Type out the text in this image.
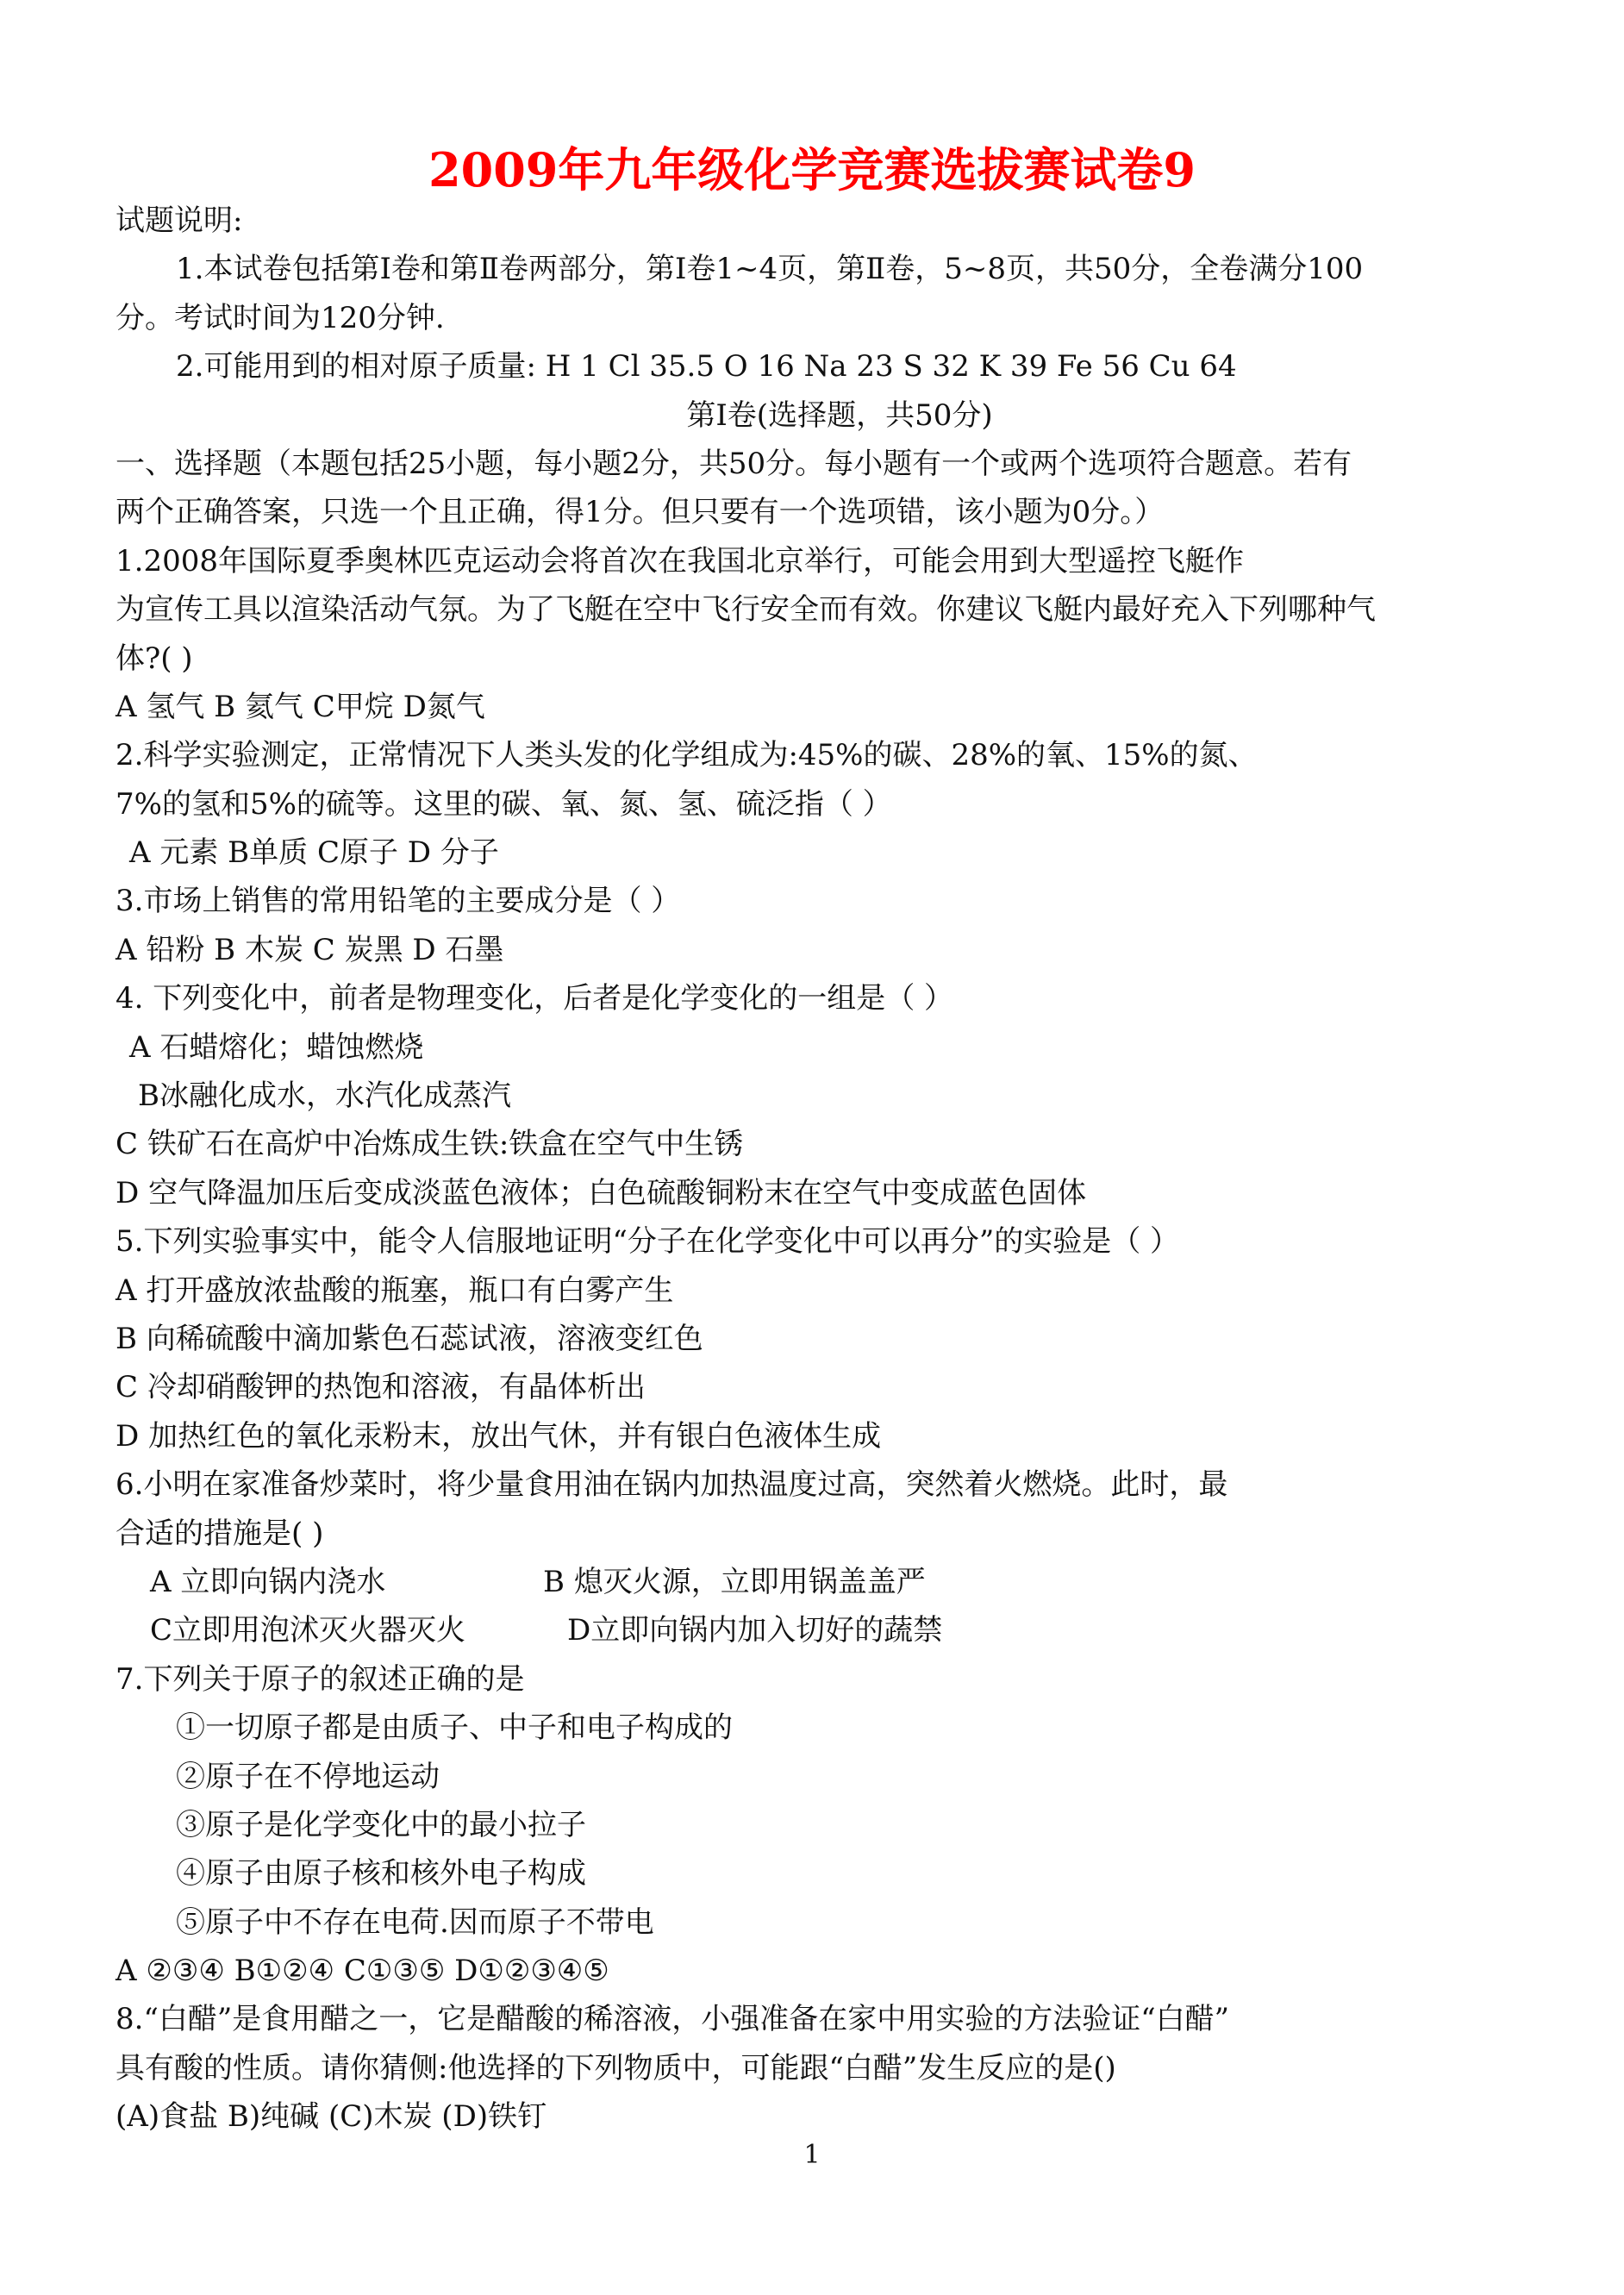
2009年九年级化学竞赛选拔赛试卷9
试题说明:
1.本试卷包括第Ⅰ卷和第Ⅱ卷两部分，第Ⅰ卷1~4页，第Ⅱ卷，5~8页，共50分，全卷满分100
分。考试时间为120分钟.
2.可能用到的相对原子质量: H 1 Cl 35.5 O 16 Na 23 S 32 K 39 Fe 56 Cu 64
第Ⅰ卷(选择题，共50分)
一、选择题（本题包括25小题，每小题2分，共50分。每小题有一个或两个选项符合题意。若有
两个正确答案，只选一个且正确，得1分。但只要有一个选项错，该小题为0分。）
1.2008年国际夏季奥林匹克运动会将首次在我国北京举行，可能会用到大型遥控飞艇作
为宣传工具以渲染活动气氛。为了飞艇在空中飞行安全而有效。你建议飞艇内最好充入下列哪种气
体?( )
A 氢气 B 氦气 C甲烷 D氮气
2.科学实验测定，正常情况下人类头发的化学组成为:45%的碳、28%的氧、15%的氮、
7%的氢和5%的硫等。这里的碳、氧、氮、氢、硫泛指（ ）
A 元素 B单质 C原子 D 分子
3.市场上销售的常用铅笔的主要成分是（ ）
A 铅粉 B 木炭 C 炭黑 D 石墨
4. 下列变化中，前者是物理变化，后者是化学变化的一组是（ ）
A 石蜡熔化；蜡蚀燃烧
B冰融化成水，水汽化成蒸汽
C 铁矿石在高炉中冶炼成生铁:铁盒在空气中生锈
D 空气降温加压后变成淡蓝色液体；白色硫酸铜粉末在空气中变成蓝色固体
5.下列实验事实中，能令人信服地证明“分子在化学变化中可以再分”的实验是（ ）
A 打开盛放浓盐酸的瓶塞，瓶口有白雾产生
B 向稀硫酸中滴加紫色石蕊试液，溶液变红色
C 冷却硝酸钾的热饱和溶液，有晶体析出
D 加热红色的氧化汞粉末，放出气休，并有银白色液体生成
6.小明在家准备炒菜时，将少量食用油在锅内加热温度过高，突然着火燃烧。此时，最
合适的措施是( )
A 立即向锅内浇水	B 熄灭火源，立即用锅盖盖严
C立即用泡沭灭火器灭火	D立即向锅内加入切好的蔬禁
7.下列关于原子的叙述正确的是
①一切原子都是由质子、中子和电子构成的
②原子在不停地运动
③原子是化学变化中的最小拉子
④原子由原子核和核外电子构成
⑤原子中不存在电荷.因而原子不带电
A ②③④ B①②④ C①③⑤ D①②③④⑤
8.“白醋”是食用醋之一，它是醋酸的稀溶液，小强准备在家中用实验的方法验证“白醋”
具有酸的性质。请你猜侧:他选择的下列物质中，可能跟“白醋”发生反应的是()
(A)食盐 B)纯碱 (C)木炭 (D)铁钉
1
